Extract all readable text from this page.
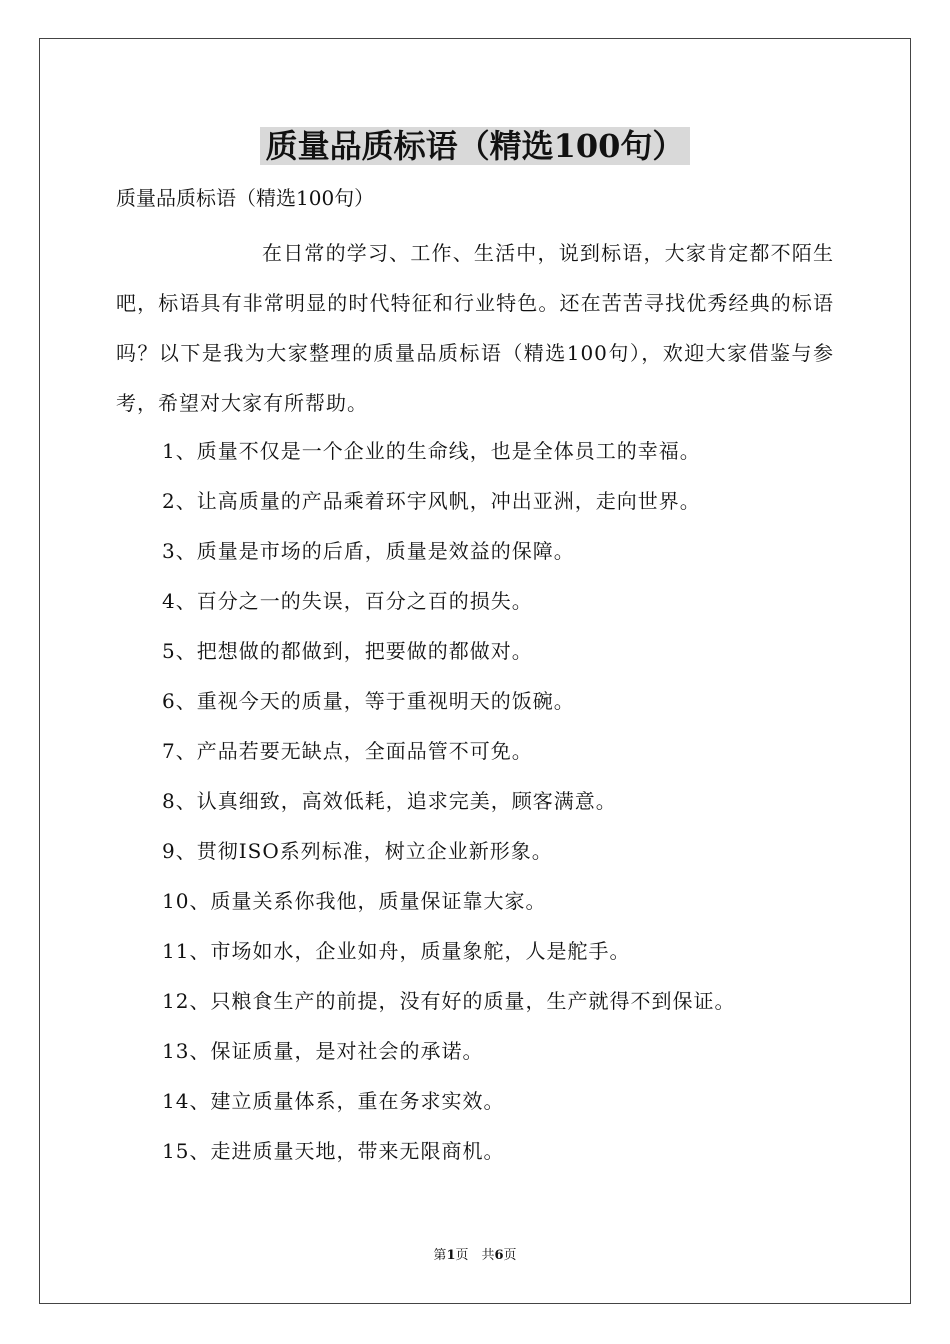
质量品质标语（精选100句）

质量品质标语（精选100句）

在日常的学习、工作、生活中，说到标语，大家肯定都不陌生吧，标语具有非常明显的时代特征和行业特色。还在苦苦寻找优秀经典的标语吗？以下是我为大家整理的质量品质标语（精选100句），欢迎大家借鉴与参考，希望对大家有所帮助。

1、质量不仅是一个企业的生命线，也是全体员工的幸福。
2、让高质量的产品乘着环宇风帆，冲出亚洲，走向世界。
3、质量是市场的后盾，质量是效益的保障。
4、百分之一的失误，百分之百的损失。
5、把想做的都做到，把要做的都做对。
6、重视今天的质量，等于重视明天的饭碗。
7、产品若要无缺点，全面品管不可免。
8、认真细致，高效低耗，追求完美，顾客满意。
9、贯彻ISO系列标准，树立企业新形象。
10、质量关系你我他，质量保证靠大家。
11、市场如水，企业如舟，质量象舵，人是舵手。
12、只粮食生产的前提，没有好的质量，生产就得不到保证。
13、保证质量，是对社会的承诺。
14、建立质量体系，重在务求实效。
15、走进质量天地，带来无限商机。
第1页　共6页
